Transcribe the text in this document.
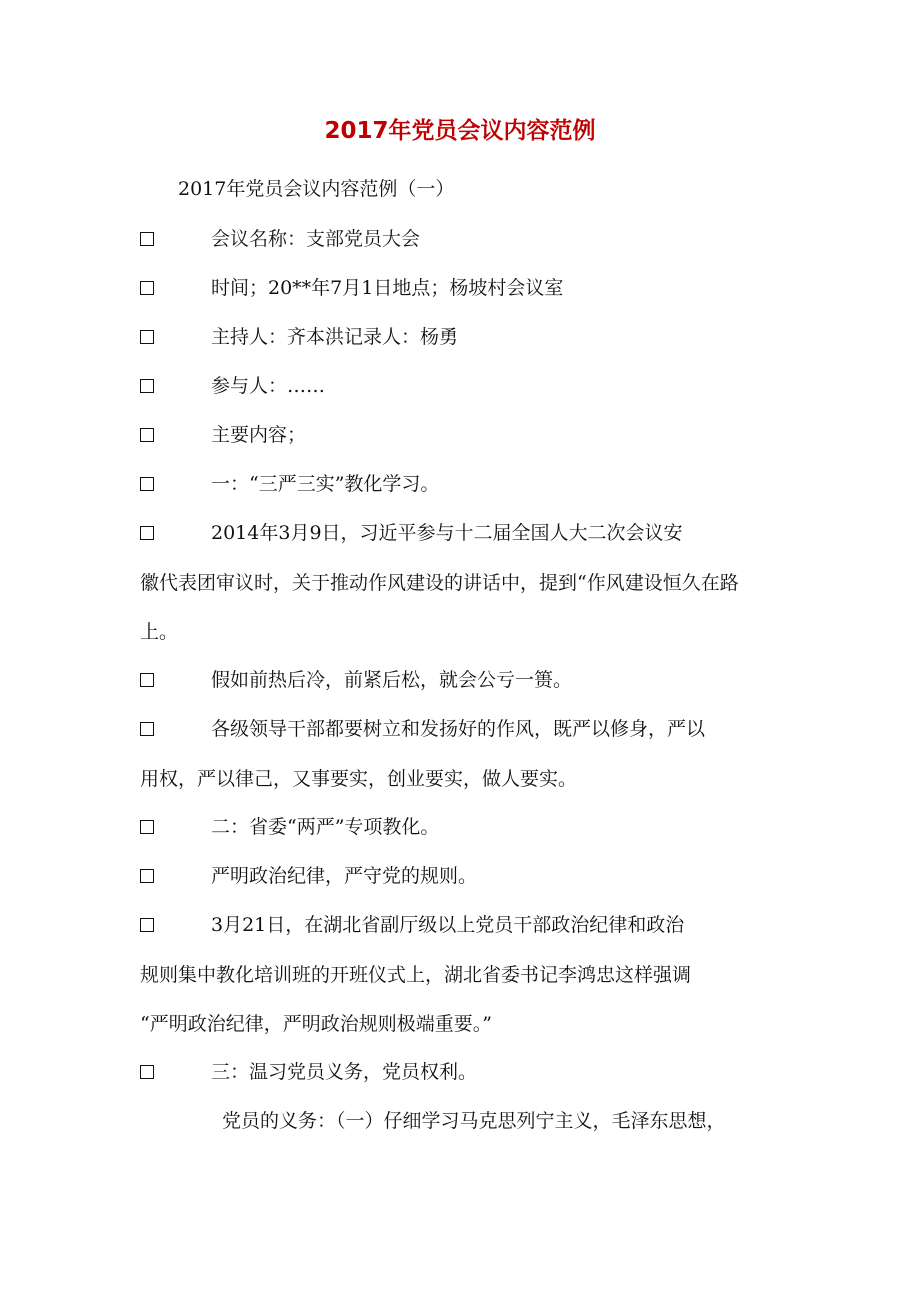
2017年党员会议内容范例
2017年党员会议内容范例（一）
会议名称：支部党员大会
时间；20**年7月1日地点；杨坡村会议室
主持人：齐本洪记录人：杨勇
参与人：……
主要内容；
一：“三严三实”教化学习。
2014年3月9日，习近平参与十二届全国人大二次会议安
徽代表团审议时，关于推动作风建设的讲话中，提到“作风建设恒久在路
上。
假如前热后冷，前紧后松，就会公亏一篑。
各级领导干部都要树立和发扬好的作风，既严以修身，严以
用权，严以律己，又事要实，创业要实，做人要实。
二：省委“两严”专项教化。
严明政治纪律，严守党的规则。
3月21日，在湖北省副厅级以上党员干部政治纪律和政治
规则集中教化培训班的开班仪式上，湖北省委书记李鸿忠这样强调
“严明政治纪律，严明政治规则极端重要。”
三：温习党员义务，党员权利。
党员的义务：（一）仔细学习马克思列宁主义，毛泽东思想，
